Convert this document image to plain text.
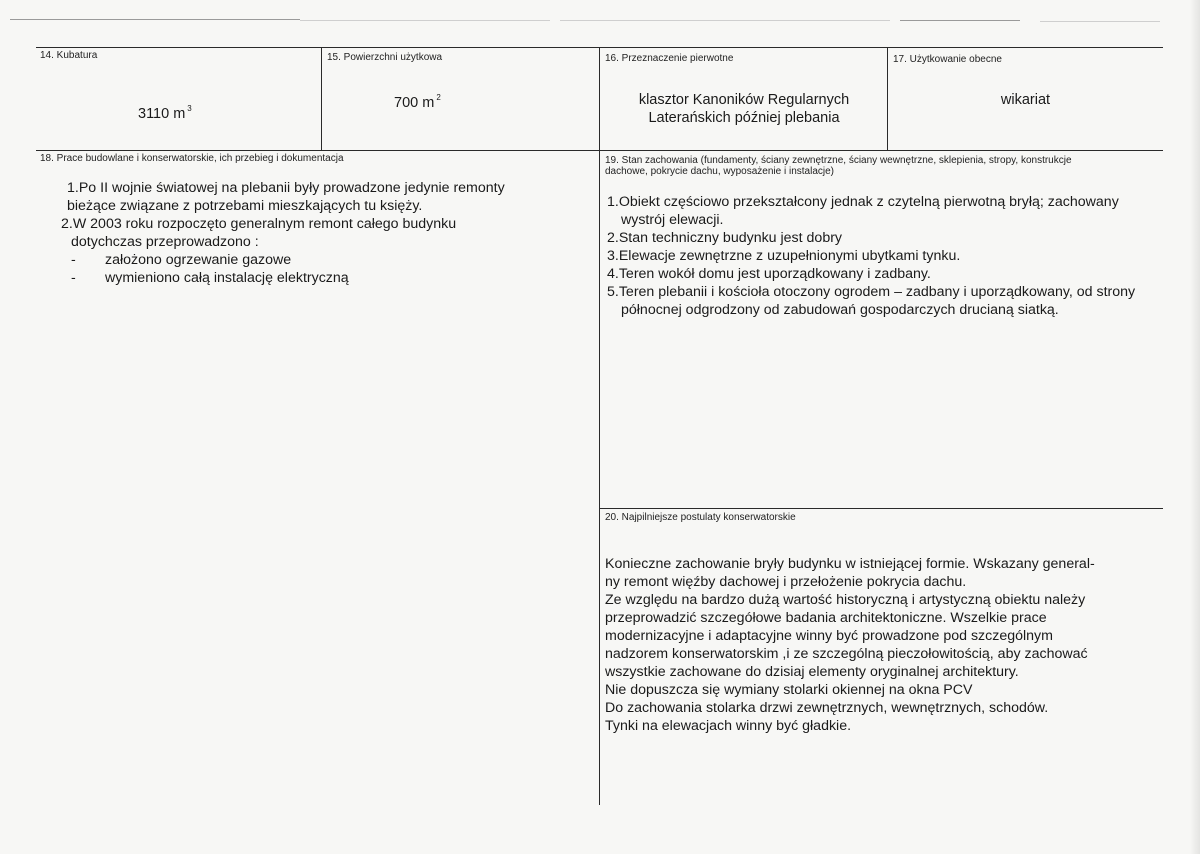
14. Kubatura
3110 m $^3$
15. Powierzchni użytkowa
700 m $^2$
16. Przeznaczenie pierwotne
klasztor Kanoników Regularnych
Laterańskich później plebania
17. Użytkowanie obecne
wikariat
18. Prace budowlane i konserwatorskie, ich przebieg i dokumentacja

1.Po II wojnie światowej na plebanii były prowadzone jedynie remonty bieżące związane z potrzebami mieszkających tu księży.

2.W 2003 roku rozpoczęto generalnym remont całego budynku dotychczas przeprowadzono :

-	założono ogrzewanie gazowe
-	wymieniono całą instalację elektryczną
19. Stan zachowania (fundamenty, ściany zewnętrzne, ściany wewnętrzne, sklepienia, stropy, konstrukcje dachowe, pokrycie dachu, wyposażenie i instalacje)

1.Obiekt częściowo przekształcony jednak z czytelną pierwotną bryłą; zachowany wystrój elewacji.

2.Stan techniczny budynku jest dobry

3.Elewacje zewnętrzne z uzupełnionymi ubytkami tynku.

4.Teren wokół domu jest uporządkowany i zadbany.

5.Teren plebanii i kościoła otoczony ogrodem – zadbany i uporządkowany, od strony północnej odgrodzony od zabudowań gospodarczych drucianą siatką.

20. Najpilniejsze postulaty konserwatorskie
Konieczne zachowanie bryły budynku w istniejącej formie. Wskazany general-
ny remont więźby dachowej i przełożenie pokrycia dachu.
Ze względu na bardzo dużą wartość historyczną i artystyczną obiektu należy
przeprowadzić szczegółowe badania architektoniczne. Wszelkie prace
modernizacyjne i adaptacyjne winny być prowadzone pod szczególnym
nadzorem konserwatorskim ,i ze szczególną pieczołowitością, aby zachować
wszystkie zachowane do dzisiaj elementy oryginalnej architektury.
Nie dopuszcza się wymiany stolarki okiennej na okna PCV
Do zachowania stolarka drzwi zewnętrznych, wewnętrznych, schodów.
Tynki na elewacjach winny być gładkie.
